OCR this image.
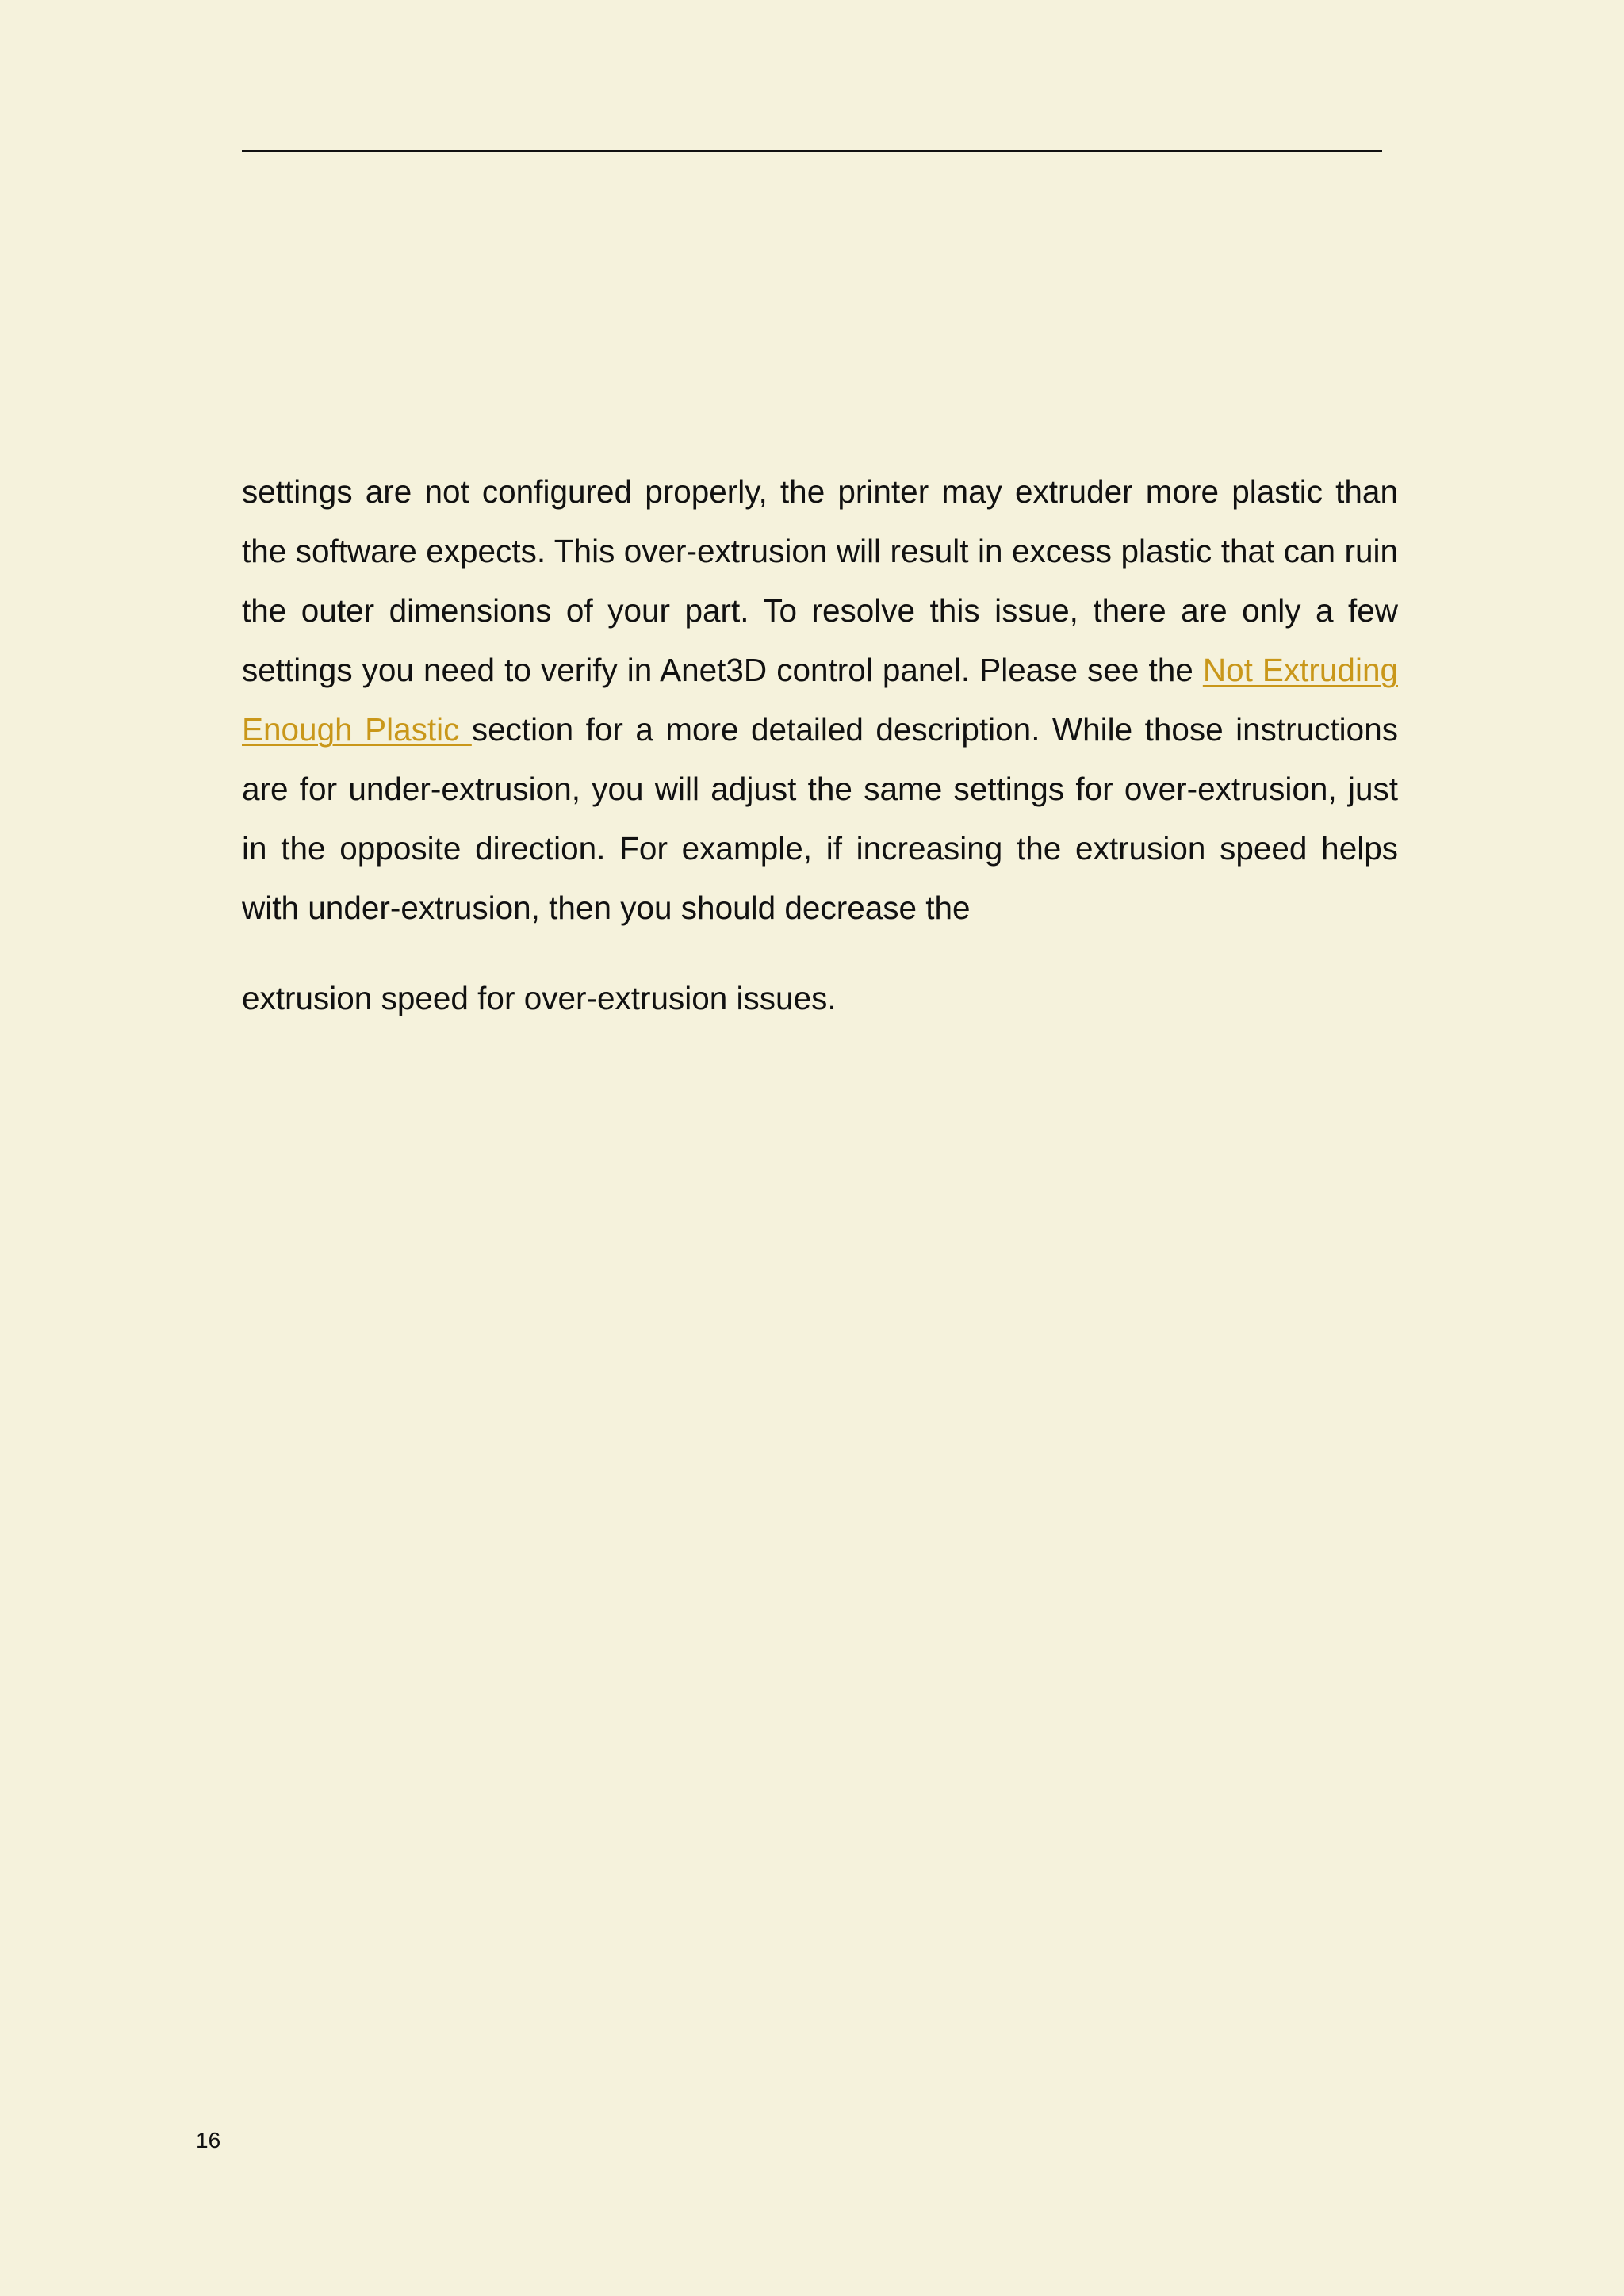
settings are not configured properly, the printer may extruder more plastic than the software expects. This over-extrusion will result in excess plastic that can ruin the outer dimensions of your part. To resolve this issue, there are only a few settings you need to verify in Anet3D control panel. Please see the Not Extruding Enough Plastic section for a more detailed description. While those instructions are for under-extrusion, you will adjust the same settings for over-extrusion, just in the opposite direction. For example, if increasing the extrusion speed helps with under-extrusion, then you should decrease the

extrusion speed for over-extrusion issues.

16
